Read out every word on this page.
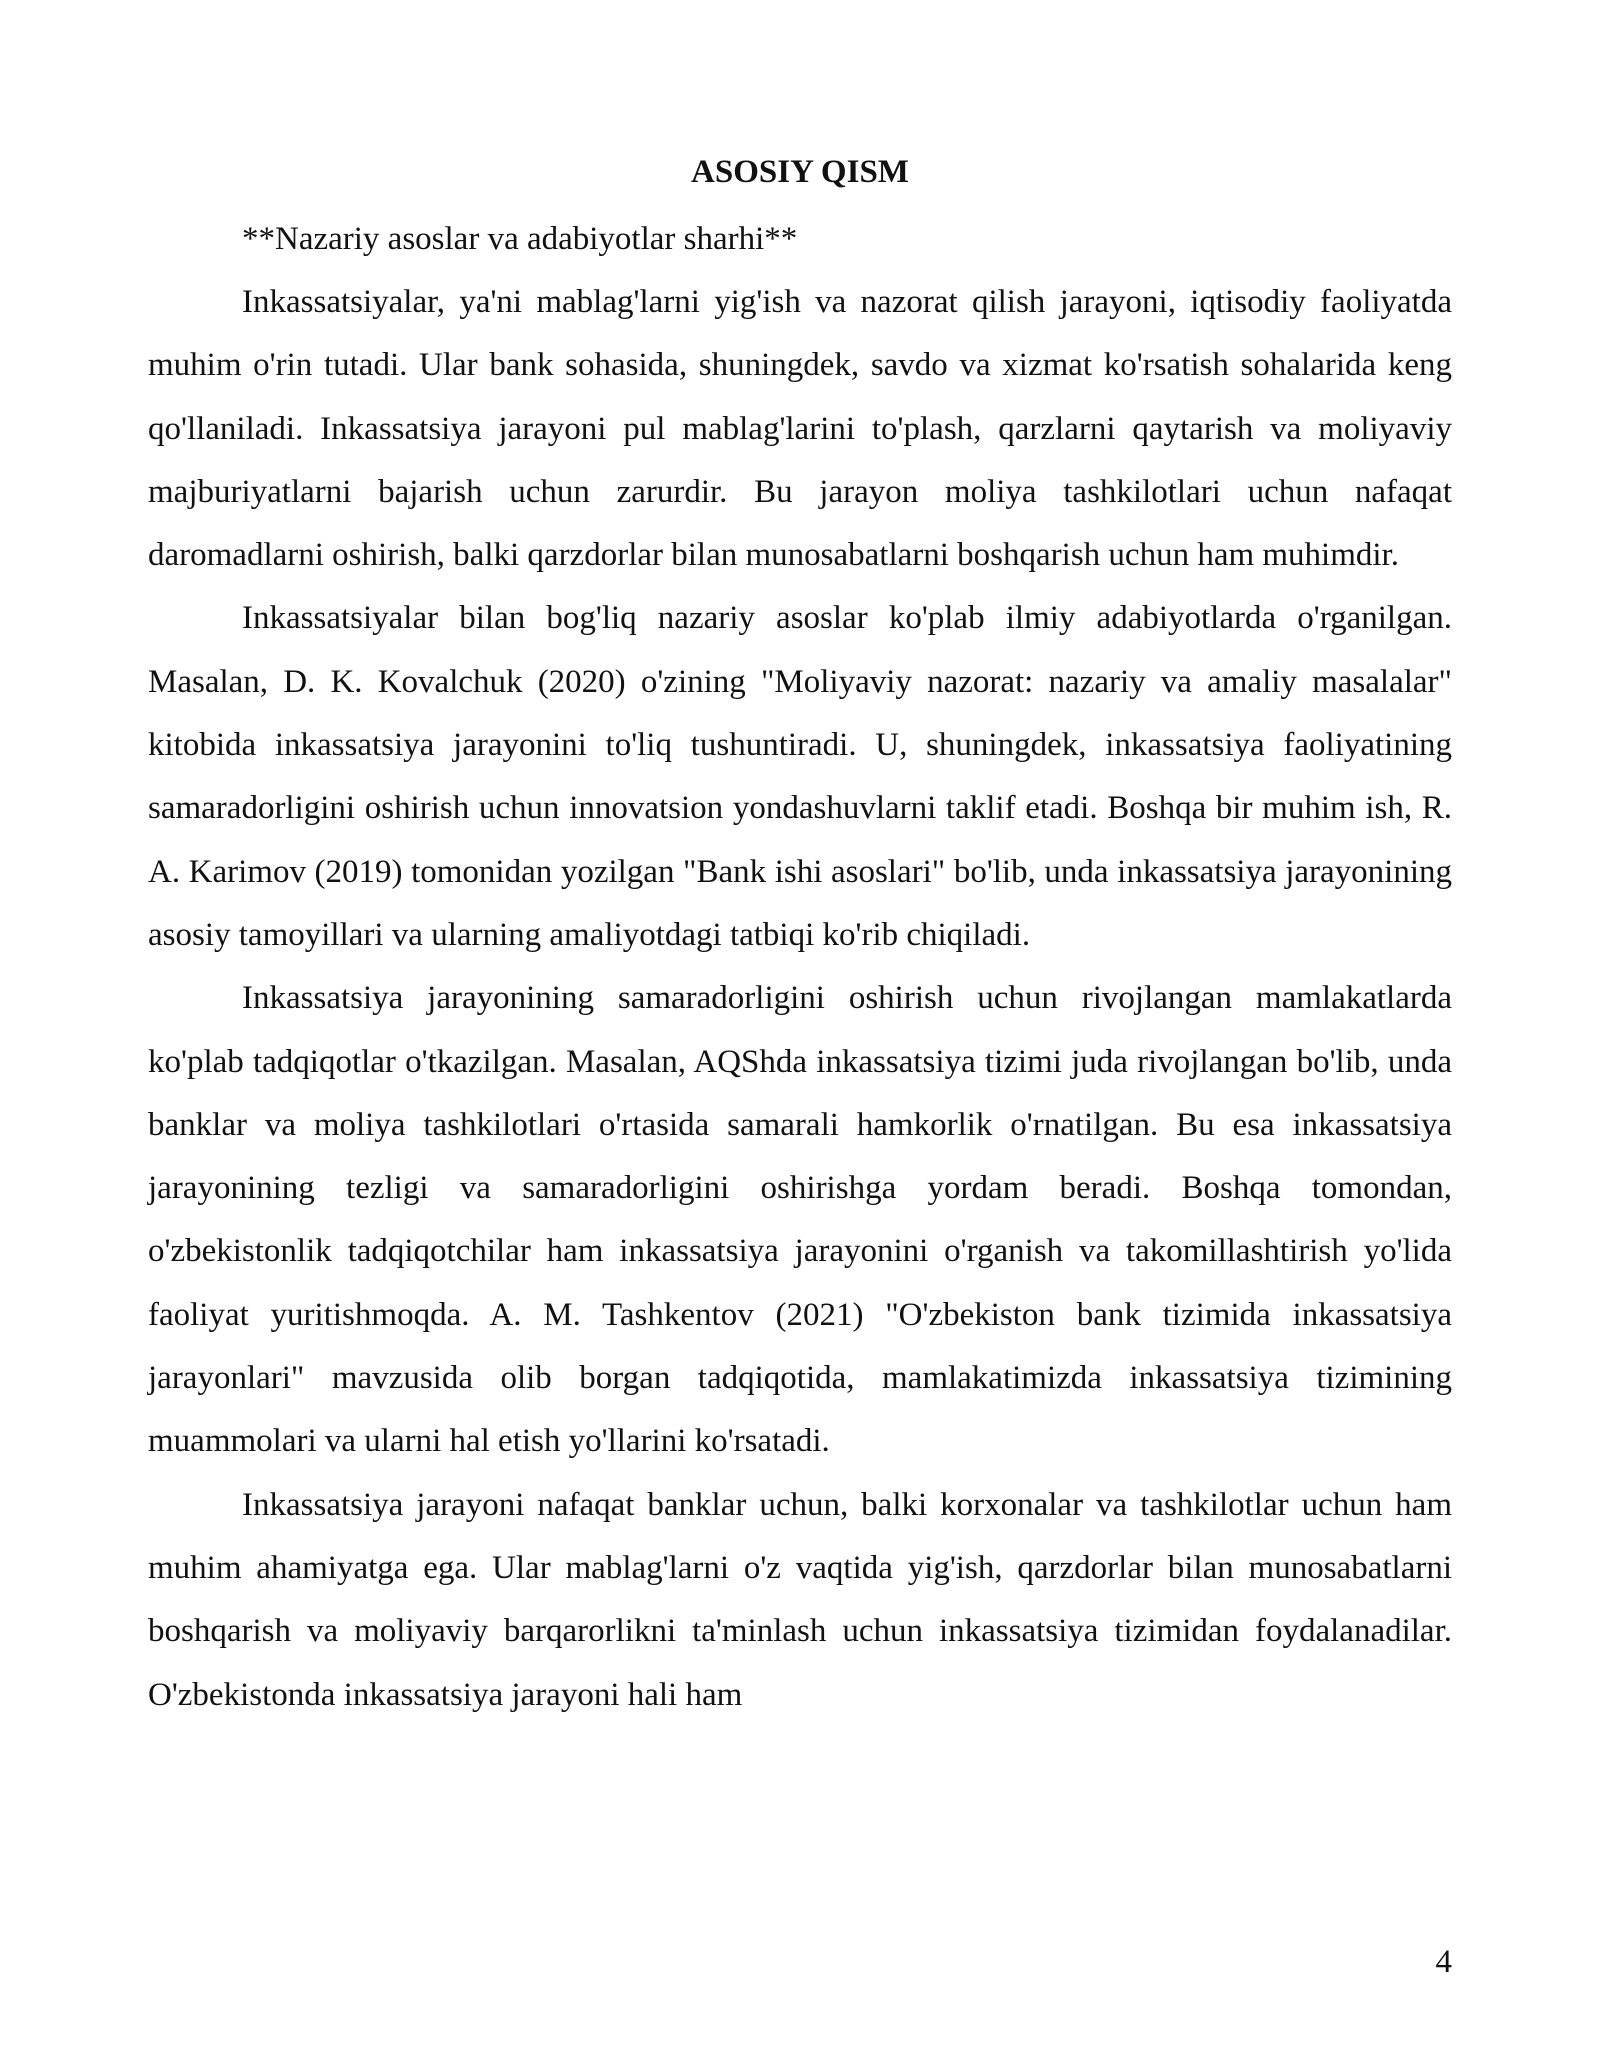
ASOSIY QISM

**Nazariy asoslar va adabiyotlar sharhi**

Inkassatsiyalar, ya'ni mablag'larni yig'ish va nazorat qilish jarayoni, iqtisodiy faoliyatda muhim o'rin tutadi. Ular bank sohasida, shuningdek, savdo va xizmat ko'rsatish sohalarida keng qo'llaniladi. Inkassatsiya jarayoni pul mablag'larini to'plash, qarzlarni qaytarish va moliyaviy majburiyatlarni bajarish uchun zarurdir. Bu jarayon moliya tashkilotlari uchun nafaqat daromadlarni oshirish, balki qarzdorlar bilan munosabatlarni boshqarish uchun ham muhimdir.

Inkassatsiyalar bilan bog'liq nazariy asoslar ko'plab ilmiy adabiyotlarda o'rganilgan. Masalan, D. K. Kovalchuk (2020) o'zining "Moliyaviy nazorat: nazariy va amaliy masalalar" kitobida inkassatsiya jarayonini to'liq tushuntiradi. U, shuningdek, inkassatsiya faoliyatining samaradorligini oshirish uchun innovatsion yondashuvlarni taklif etadi. Boshqa bir muhim ish, R. A. Karimov (2019) tomonidan yozilgan "Bank ishi asoslari" bo'lib, unda inkassatsiya jarayonining asosiy tamoyillari va ularning amaliyotdagi tatbiqi ko'rib chiqiladi.

Inkassatsiya jarayonining samaradorligini oshirish uchun rivojlangan mamlakatlarda ko'plab tadqiqotlar o'tkazilgan. Masalan, AQShda inkassatsiya tizimi juda rivojlangan bo'lib, unda banklar va moliya tashkilotlari o'rtasida samarali hamkorlik o'rnatilgan. Bu esa inkassatsiya jarayonining tezligi va samaradorligini oshirishga yordam beradi. Boshqa tomondan, o'zbekistonlik tadqiqotchilar ham inkassatsiya jarayonini o'rganish va takomillashtirish yo'lida faoliyat yuritishmoqda. A. M. Tashkentov (2021) "O'zbekiston bank tizimida inkassatsiya jarayonlari" mavzusida olib borgan tadqiqotida, mamlakatimizda inkassatsiya tizimining muammolari va ularni hal etish yo'llarini ko'rsatadi.

Inkassatsiya jarayoni nafaqat banklar uchun, balki korxonalar va tashkilotlar uchun ham muhim ahamiyatga ega. Ular mablag'larni o'z vaqtida yig'ish, qarzdorlar bilan munosabatlarni boshqarish va moliyaviy barqarorlikni ta'minlash uchun inkassatsiya tizimidan foydalanadilar. O'zbekistonda inkassatsiya jarayoni hali ham

4
